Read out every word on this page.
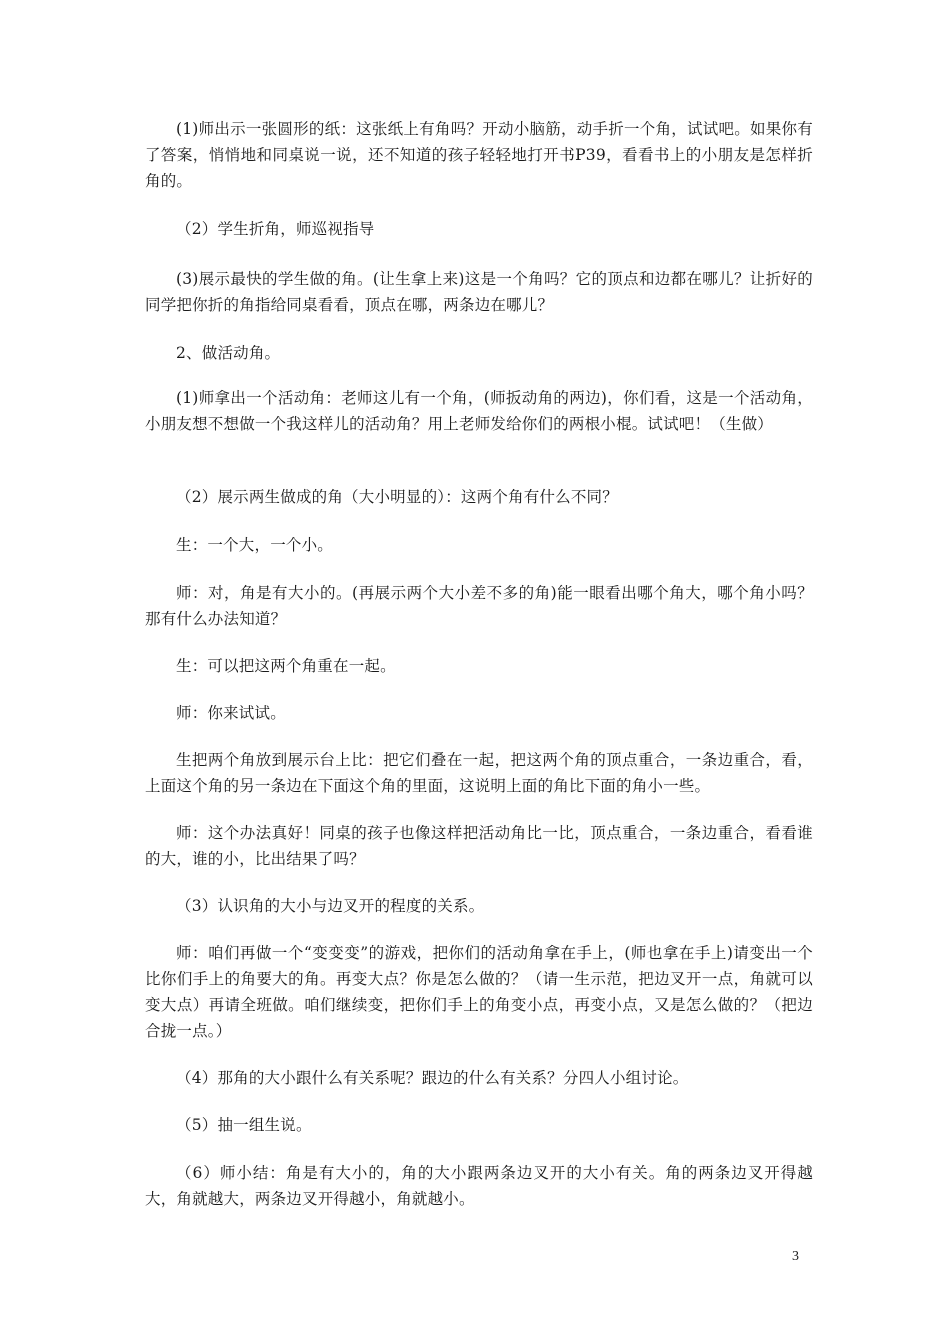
(1)师出示一张圆形的纸：这张纸上有角吗？开动小脑筋，动手折一个角，试试吧。如果你有了答案，悄悄地和同桌说一说，还不知道的孩子轻轻地打开书P39，看看书上的小朋友是怎样折角的。

（2）学生折角，师巡视指导

(3)展示最快的学生做的角。(让生拿上来)这是一个角吗？它的顶点和边都在哪儿？让折好的同学把你折的角指给同桌看看，顶点在哪，两条边在哪儿？

2、做活动角。

(1)师拿出一个活动角：老师这儿有一个角，(师扳动角的两边)，你们看，这是一个活动角，小朋友想不想做一个我这样儿的活动角？用上老师发给你们的两根小棍。试试吧！（生做）

（2）展示两生做成的角（大小明显的）：这两个角有什么不同？

生：一个大，一个小。

师：对，角是有大小的。(再展示两个大小差不多的角)能一眼看出哪个角大，哪个角小吗？那有什么办法知道？

生：可以把这两个角重在一起。

师：你来试试。

生把两个角放到展示台上比：把它们叠在一起，把这两个角的顶点重合，一条边重合，看，上面这个角的另一条边在下面这个角的里面，这说明上面的角比下面的角小一些。

师：这个办法真好！同桌的孩子也像这样把活动角比一比，顶点重合，一条边重合，看看谁的大，谁的小，比出结果了吗？

（3）认识角的大小与边叉开的程度的关系。

师：咱们再做一个“变变变”的游戏，把你们的活动角拿在手上，(师也拿在手上)请变出一个比你们手上的角要大的角。再变大点？你是怎么做的？（请一生示范，把边叉开一点，角就可以变大点）再请全班做。咱们继续变，把你们手上的角变小点，再变小点，又是怎么做的？（把边合拢一点。）

（4）那角的大小跟什么有关系呢？跟边的什么有关系？分四人小组讨论。

（5）抽一组生说。

（6）师小结：角是有大小的，角的大小跟两条边叉开的大小有关。角的两条边叉开得越大，角就越大，两条边叉开得越小，角就越小。

3
